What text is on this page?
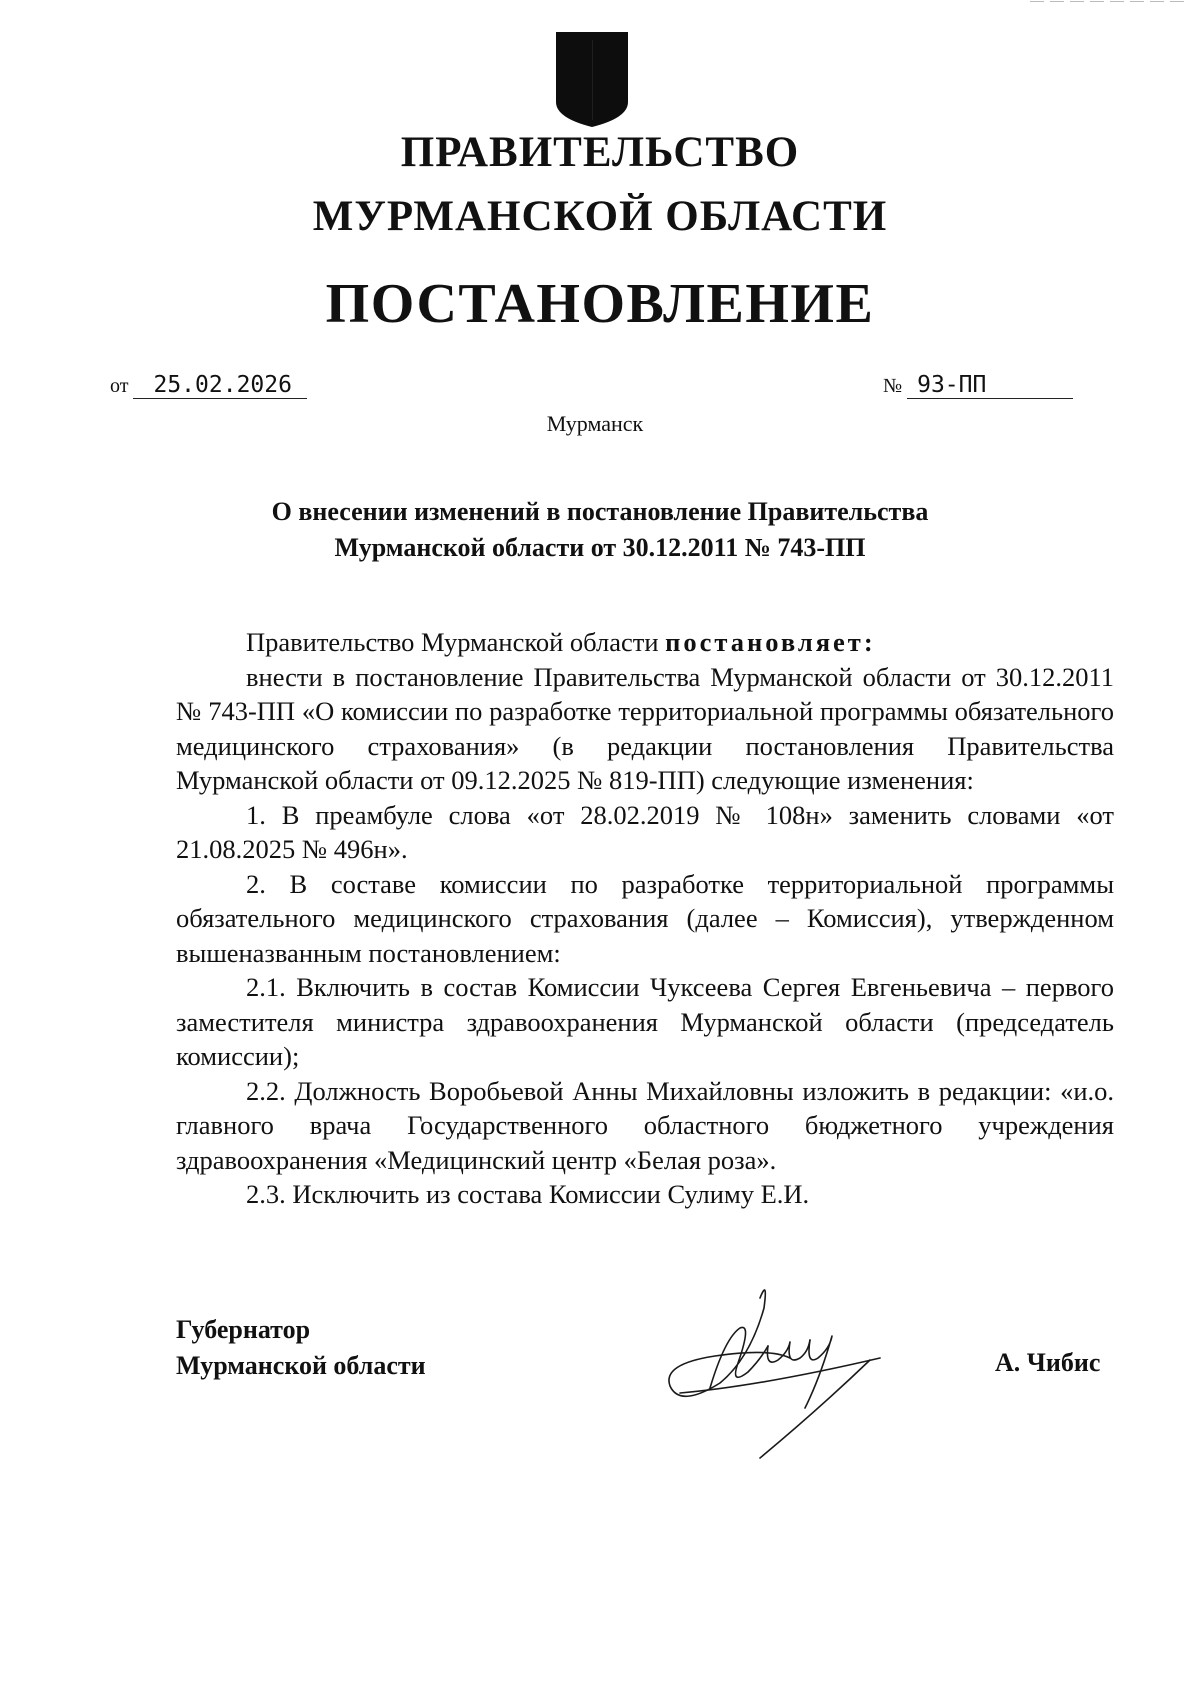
ПРАВИТЕЛЬСТВО
МУРМАНСКОЙ ОБЛАСТИ
ПОСТАНОВЛЕНИЕ
от 25.02.2026	№ 93-ПП
Мурманск
О внесении изменений в постановление Правительства
Мурманской области от 30.12.2011 № 743-ПП

Правительство Мурманской области постановляет:

внести в постановление Правительства Мурманской области от 30.12.2011 № 743-ПП «О комиссии по разработке территориальной программы обязательного медицинского страхования» (в редакции постановления Правительства Мурманской области от 09.12.2025 № 819-ПП) следующие изменения:

1. В преамбуле слова «от 28.02.2019 № 108н» заменить словами «от 21.08.2025 № 496н».

2. В составе комиссии по разработке территориальной программы обязательного медицинского страхования (далее – Комиссия), утвержденном вышеназванным постановлением:

2.1. Включить в состав Комиссии Чуксеева Сергея Евгеньевича – первого заместителя министра здравоохранения Мурманской области (председатель комиссии);

2.2. Должность Воробьевой Анны Михайловны изложить в редакции: «и.о. главного врача Государственного областного бюджетного учреждения здравоохранения «Медицинский центр «Белая роза».

2.3. Исключить из состава Комиссии Сулиму Е.И.

Губернатор
Мурманской области	А. Чибис
